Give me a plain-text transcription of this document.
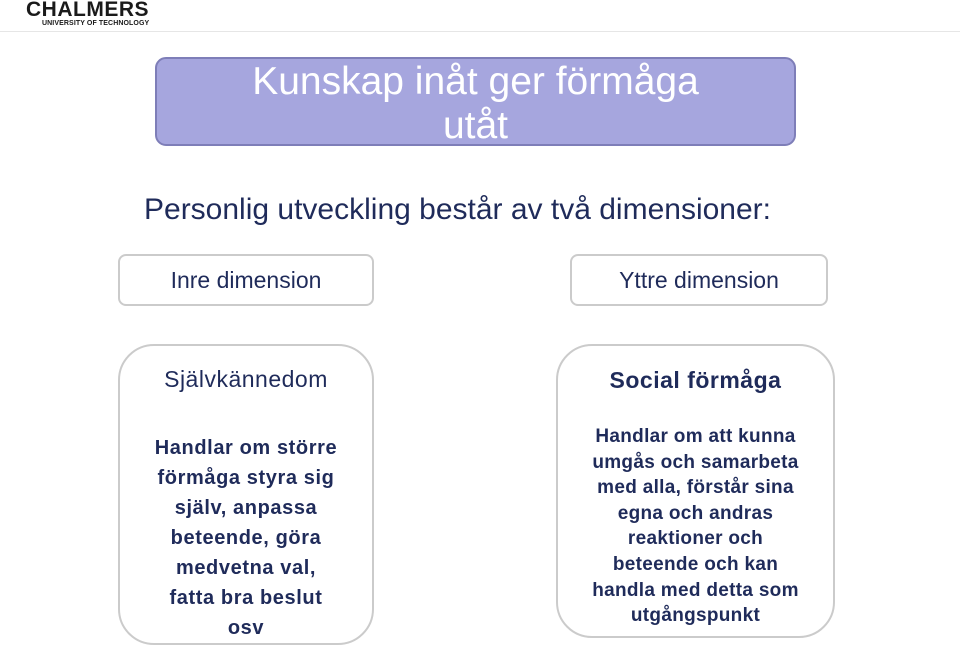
CHALMERS
UNIVERSITY OF TECHNOLOGY
Kunskap inåt ger förmåga
utåt
Personlig utveckling består av två dimensioner:
Inre dimension	Yttre dimension
Självkännedom
Handlar om större
förmåga styra sig
själv, anpassa
beteende, göra
medvetna val,
fatta bra beslut
osv
Social förmåga
Handlar om att kunna
umgås och samarbeta
med alla, förstår sina
egna och andras
reaktioner och
beteende och kan
handla med detta som
utgångspunkt
